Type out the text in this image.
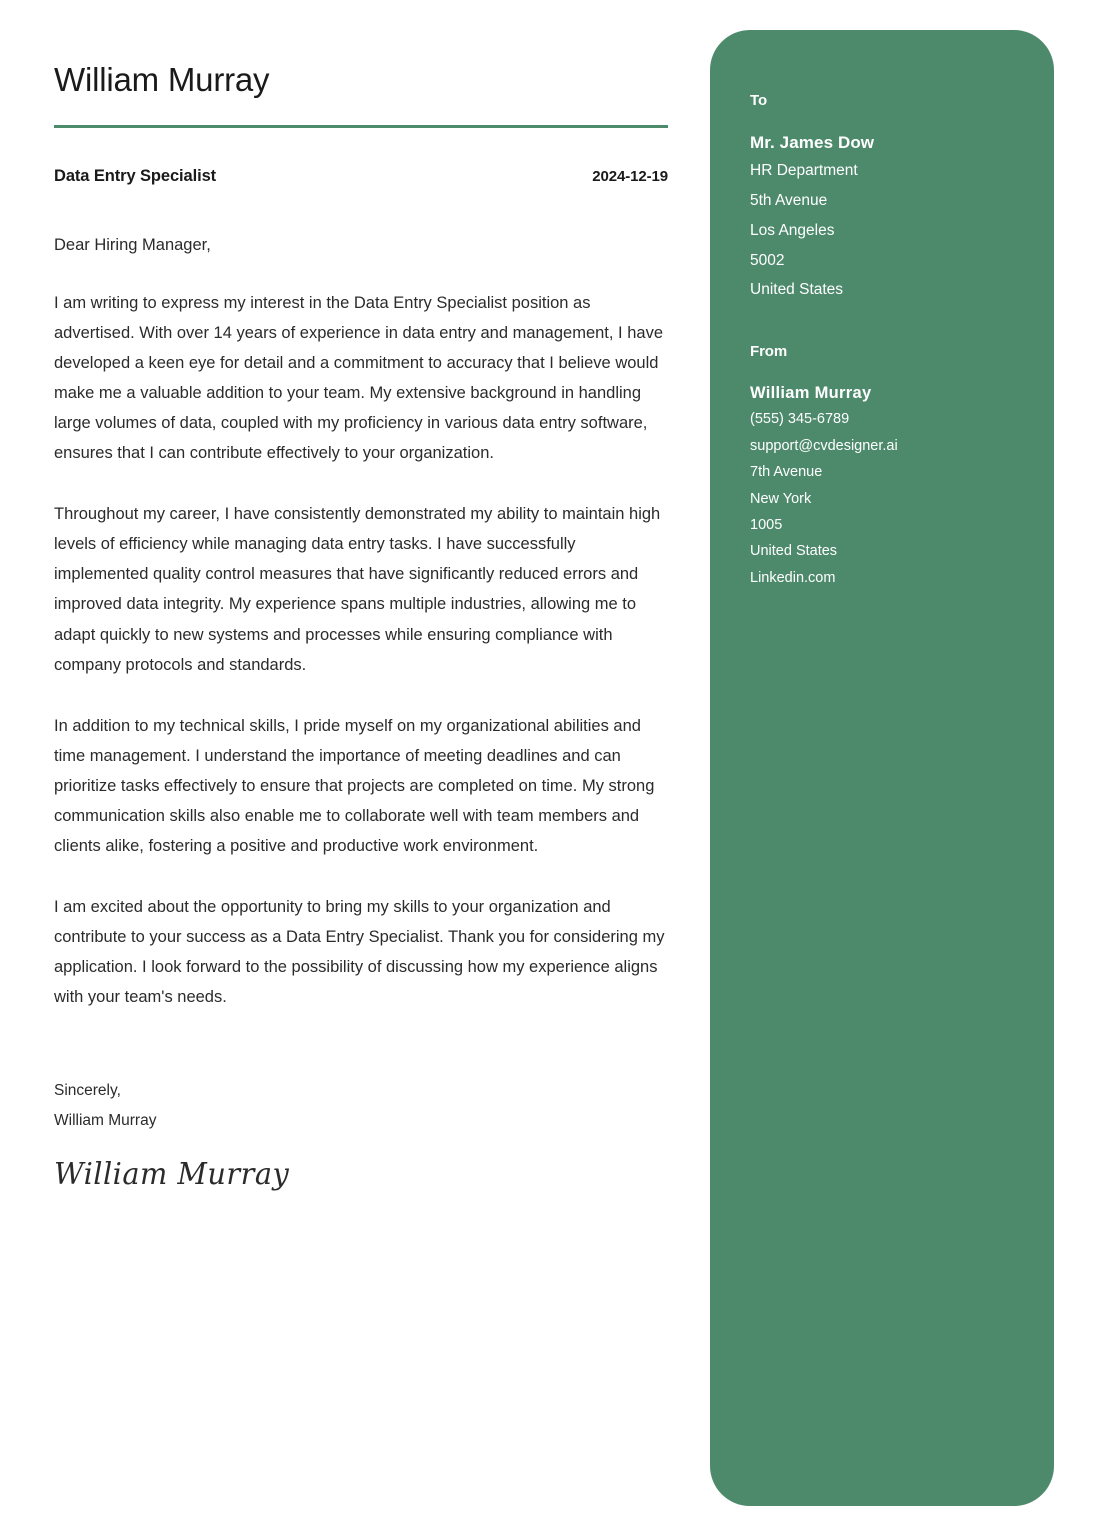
William Murray
Data Entry Specialist	2024-12-19
Dear Hiring Manager,

I am writing to express my interest in the Data Entry Specialist position as advertised. With over 14 years of experience in data entry and management, I have developed a keen eye for detail and a commitment to accuracy that I believe would make me a valuable addition to your team. My extensive background in handling large volumes of data, coupled with my proficiency in various data entry software, ensures that I can contribute effectively to your organization.

Throughout my career, I have consistently demonstrated my ability to maintain high levels of efficiency while managing data entry tasks. I have successfully implemented quality control measures that have significantly reduced errors and improved data integrity. My experience spans multiple industries, allowing me to adapt quickly to new systems and processes while ensuring compliance with company protocols and standards.

In addition to my technical skills, I pride myself on my organizational abilities and time management. I understand the importance of meeting deadlines and can prioritize tasks effectively to ensure that projects are completed on time. My strong communication skills also enable me to collaborate well with team members and clients alike, fostering a positive and productive work environment.

I am excited about the opportunity to bring my skills to your organization and contribute to your success as a Data Entry Specialist. Thank you for considering my application. I look forward to the possibility of discussing how my experience aligns with your team's needs.

Sincerely,
William Murray
William Murray
To
Mr. James Dow
HR Department
5th Avenue
Los Angeles
5002
United States
From
William Murray
(555) 345-6789
support@cvdesigner.ai
7th Avenue
New York
1005
United States
Linkedin.com
